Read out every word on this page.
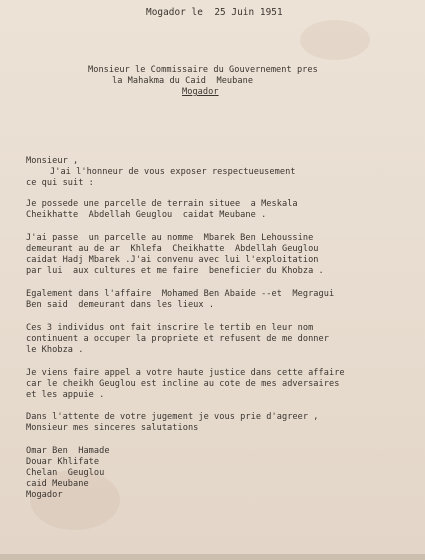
Mogador le  25 Juin 1951
Monsieur le Commissaire du Gouvernement pres
la Mahakma du Caid  Meubane
Mogador
Monsieur ,
J'ai l'honneur de vous exposer respectueusement
ce qui suit :
Je possede une parcelle de terrain situee  a Meskala
Cheikhatte  Abdellah Geuglou  caidat Meubane .
J'ai passe  un parcelle au nomme  Mbarek Ben Lehoussine
demeurant au de ar  Khlefa  Cheikhatte  Abdellah Geuglou
caidat Hadj Mbarek .J'ai convenu avec lui l'exploitation
par lui  aux cultures et me faire  beneficier du Khobza .
Egalement dans l'affaire  Mohamed Ben Abaide --et  Megragui
Ben said  demeurant dans les lieux .
Ces 3 individus ont fait inscrire le tertib en leur nom
continuent a occuper la propriete et refusent de me donner
le Khobza .
Je viens faire appel a votre haute justice dans cette affaire
car le cheikh Geuglou est incline au cote de mes adversaires
et les appuie .
Dans l'attente de votre jugement je vous prie d'agreer ,
Monsieur mes sinceres salutations
Omar Ben  Hamade
Douar Khlifate
Chelan  Geuglou
caid Meubane
Mogador
